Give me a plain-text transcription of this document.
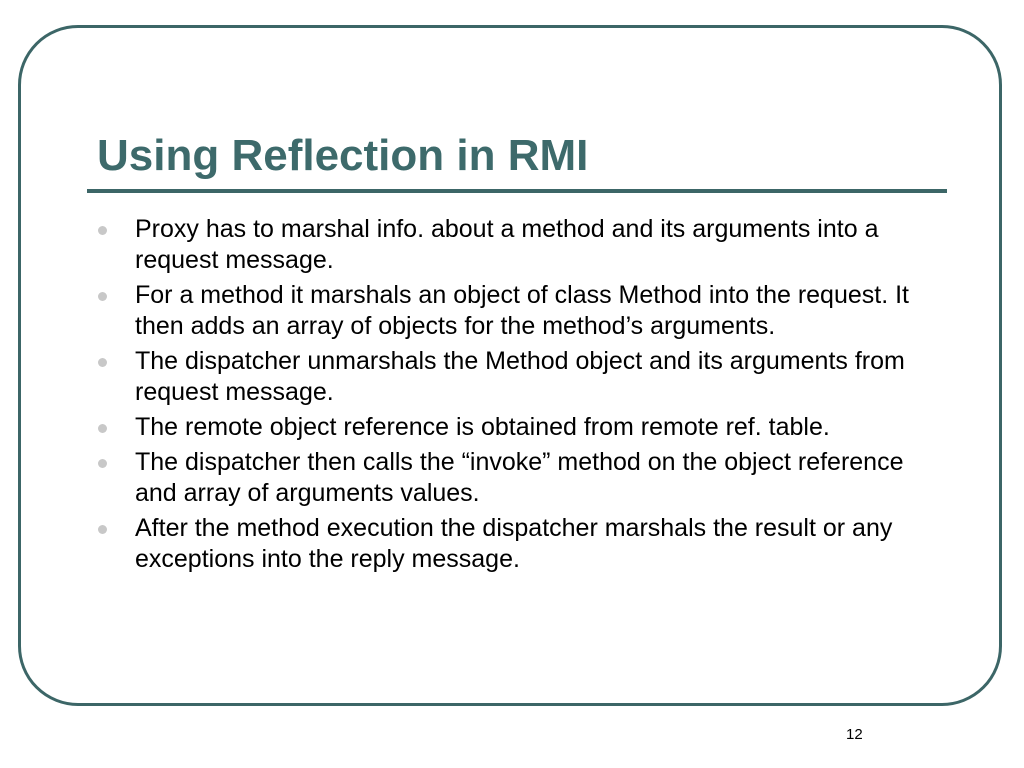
Using Reflection in RMI
Proxy has to marshal info. about a method and its arguments into a request message.
For a method it marshals an object of class Method into the request. It then adds an array of objects for the method’s arguments.
The dispatcher unmarshals the Method object and its arguments from request message.
The remote object reference is obtained from remote ref. table.
The dispatcher then calls the “invoke” method on the object reference and array of arguments values.
After the method execution the dispatcher marshals the result or any exceptions into the reply message.
12
